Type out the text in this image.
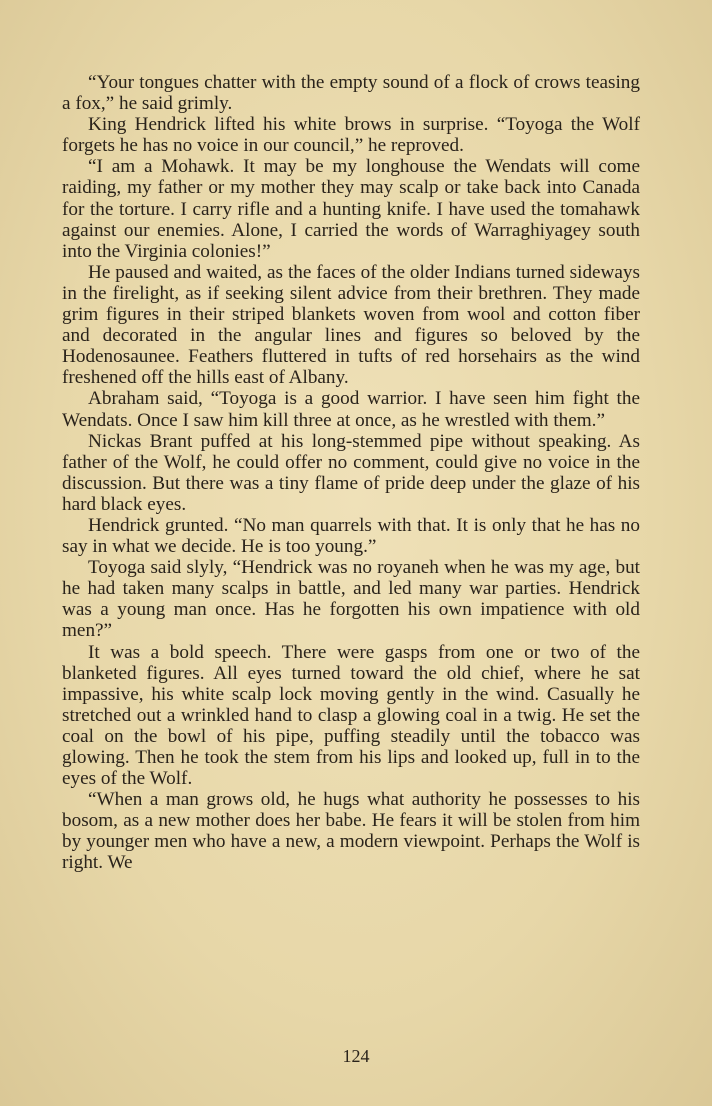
“Your tongues chatter with the empty sound of a flock of crows teasing a fox,” he said grimly.

King Hendrick lifted his white brows in surprise. “Toyoga the Wolf forgets he has no voice in our council,” he reproved.

“I am a Mohawk. It may be my longhouse the Wendats will come raiding, my father or my mother they may scalp or take back into Canada for the torture. I carry rifle and a hunting knife. I have used the tomahawk against our enemies. Alone, I carried the words of Warraghiyagey south into the Virginia colonies!”

He paused and waited, as the faces of the older Indians turned sideways in the firelight, as if seeking silent advice from their brethren. They made grim figures in their striped blankets woven from wool and cotton fiber and decorated in the angular lines and figures so beloved by the Hodenosaunee. Feathers fluttered in tufts of red horsehairs as the wind freshened off the hills east of Albany.

Abraham said, “Toyoga is a good warrior. I have seen him fight the Wendats. Once I saw him kill three at once, as he wrestled with them.”

Nickas Brant puffed at his long-stemmed pipe without speaking. As father of the Wolf, he could offer no comment, could give no voice in the discussion. But there was a tiny flame of pride deep under the glaze of his hard black eyes.

Hendrick grunted. “No man quarrels with that. It is only that he has no say in what we decide. He is too young.”

Toyoga said slyly, “Hendrick was no royaneh when he was my age, but he had taken many scalps in battle, and led many war parties. Hendrick was a young man once. Has he forgotten his own impatience with old men?”

It was a bold speech. There were gasps from one or two of the blanketed figures. All eyes turned toward the old chief, where he sat impassive, his white scalp lock moving gently in the wind. Casually he stretched out a wrinkled hand to clasp a glowing coal in a twig. He set the coal on the bowl of his pipe, puffing steadily until the tobacco was glowing. Then he took the stem from his lips and looked up, full in to the eyes of the Wolf.

“When a man grows old, he hugs what authority he possesses to his bosom, as a new mother does her babe. He fears it will be stolen from him by younger men who have a new, a modern viewpoint. Perhaps the Wolf is right. We

124
